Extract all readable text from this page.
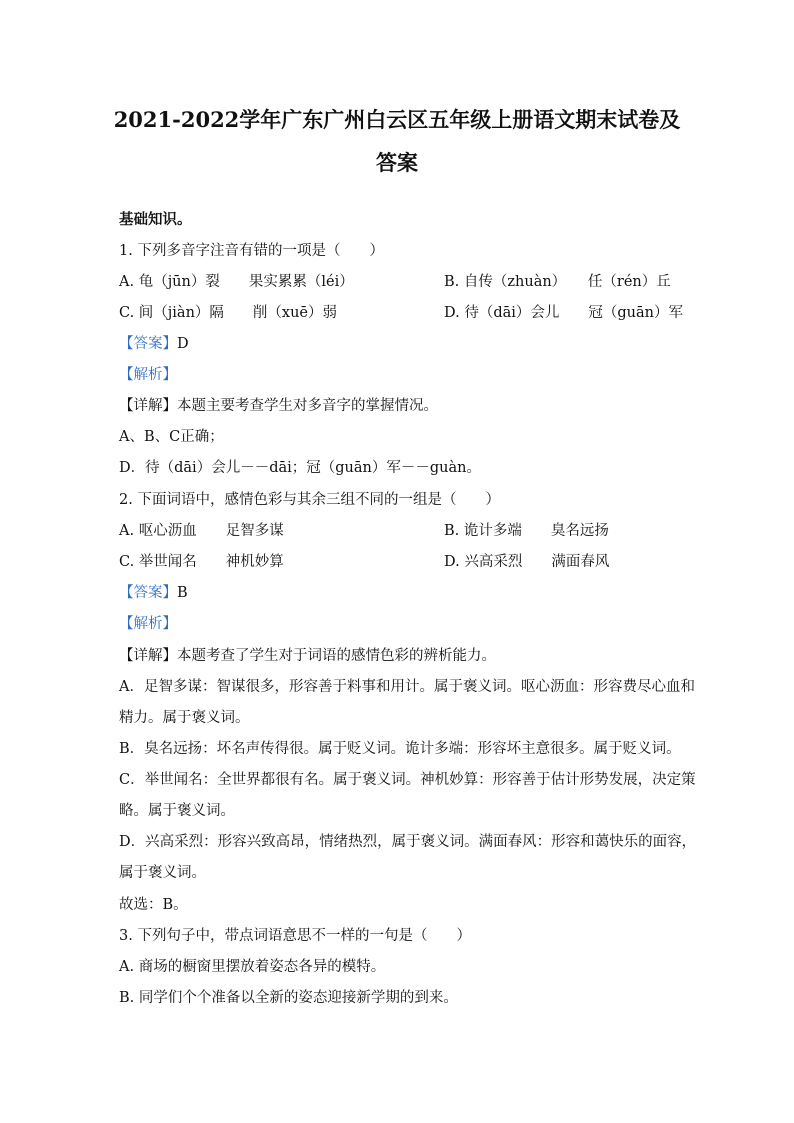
2021-2022学年广东广州白云区五年级上册语文期末试卷及
答案
基础知识。
1. 下列多音字注音有错的一项是（　　）
A. 龟（jūn）裂　　果实累累（léi）	B. 自传（zhuàn）　　任（rén）丘
C. 间（jiàn）隔　　削（xuē）弱	D. 待（dāi）会儿　　冠（guān）军
【答案】D
【解析】
【详解】本题主要考查学生对多音字的掌握情况。
A、B、C正确；
D．待（dāi）会儿－－dāi；冠（guān）军－－guàn。
2. 下面词语中，感情色彩与其余三组不同的一组是（　　）
A. 呕心沥血　　足智多谋	B. 诡计多端　　臭名远扬
C. 举世闻名　　神机妙算	D. 兴高采烈　　满面春风
【答案】B
【解析】
【详解】本题考查了学生对于词语的感情色彩的辨析能力。
A．足智多谋：智谋很多，形容善于料事和用计。属于褒义词。呕心沥血：形容费尽心血和
精力。属于褒义词。
B．臭名远扬：坏名声传得很。属于贬义词。诡计多端：形容坏主意很多。属于贬义词。
C．举世闻名：全世界都很有名。属于褒义词。神机妙算：形容善于估计形势发展，决定策
略。属于褒义词。
D．兴高采烈：形容兴致高昂，情绪热烈，属于褒义词。满面春风：形容和蔼快乐的面容，
属于褒义词。
故选：B。
3. 下列句子中，带点词语意思不一样的一句是（　　）
A. 商场的橱窗里摆放着姿态各异的模特。
B. 同学们个个准备以全新的姿态迎接新学期的到来。
